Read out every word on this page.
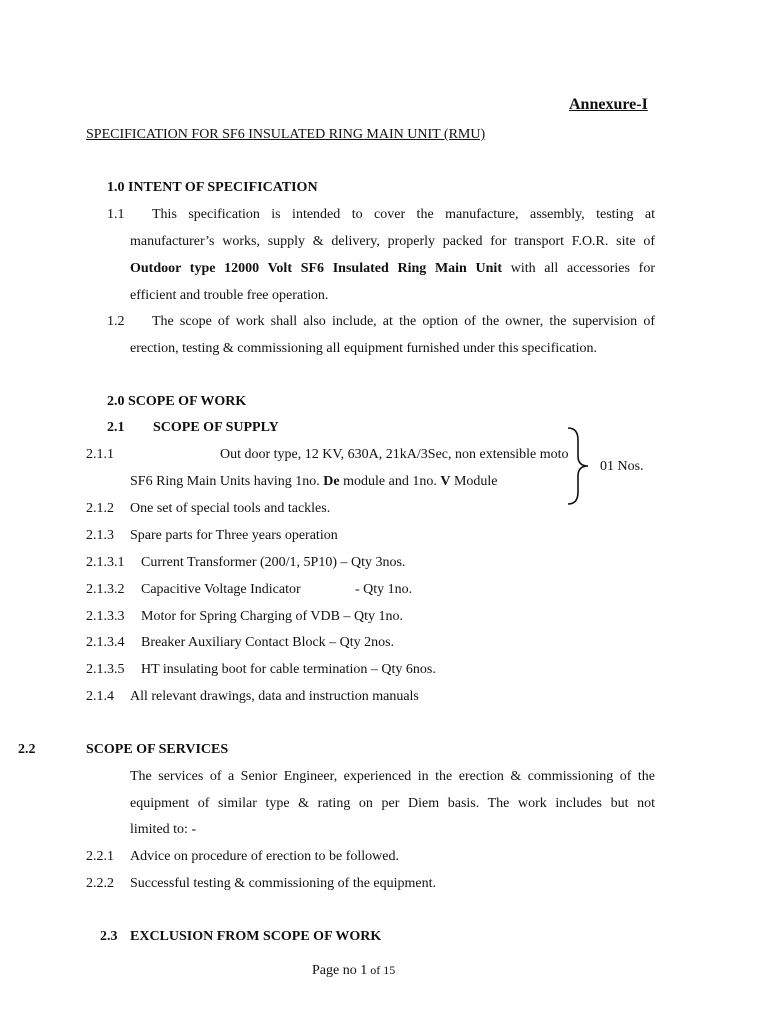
Annexure-I
SPECIFICATION FOR SF6 INSULATED RING MAIN UNIT (RMU)
1.0 INTENT OF SPECIFICATION
1.1 This specification is intended to cover the manufacture, assembly, testing at
manufacturer’s works, supply & delivery, properly packed for transport F.O.R. site of
Outdoor type 12000 Volt SF6 Insulated Ring Main Unit with all accessories for
efficient and trouble free operation.
1.2 The scope of work shall also include, at the option of the owner, the supervision of
erection, testing & commissioning all equipment furnished under this specification.
2.0 SCOPE OF WORK
2.1 SCOPE OF SUPPLY
2.1.1	Out door type, 12 KV, 630A, 21kA/3Sec, non extensible moto
SF6 Ring Main Units having 1no. De module and 1no. V Module
01 Nos.
2.1.2 One set of special tools and tackles.
2.1.3 Spare parts for Three years operation
2.1.3.1 Current Transformer (200/1, 5P10) – Qty 3nos.
2.1.3.2 Capacitive Voltage Indicator	- Qty 1no.
2.1.3.3 Motor for Spring Charging of VDB – Qty 1no.
2.1.3.4 Breaker Auxiliary Contact Block – Qty 2nos.
2.1.3.5 HT insulating boot for cable termination – Qty 6nos.
2.1.4 All relevant drawings, data and instruction manuals
2.2	SCOPE OF SERVICES
The services of a Senior Engineer, experienced in the erection & commissioning of the
equipment of similar type & rating on per Diem basis. The work includes but not
limited to: -
2.2.1 Advice on procedure of erection to be followed.
2.2.2 Successful testing & commissioning of the equipment.
2.3 EXCLUSION FROM SCOPE OF WORK
Page no 1 of 15
